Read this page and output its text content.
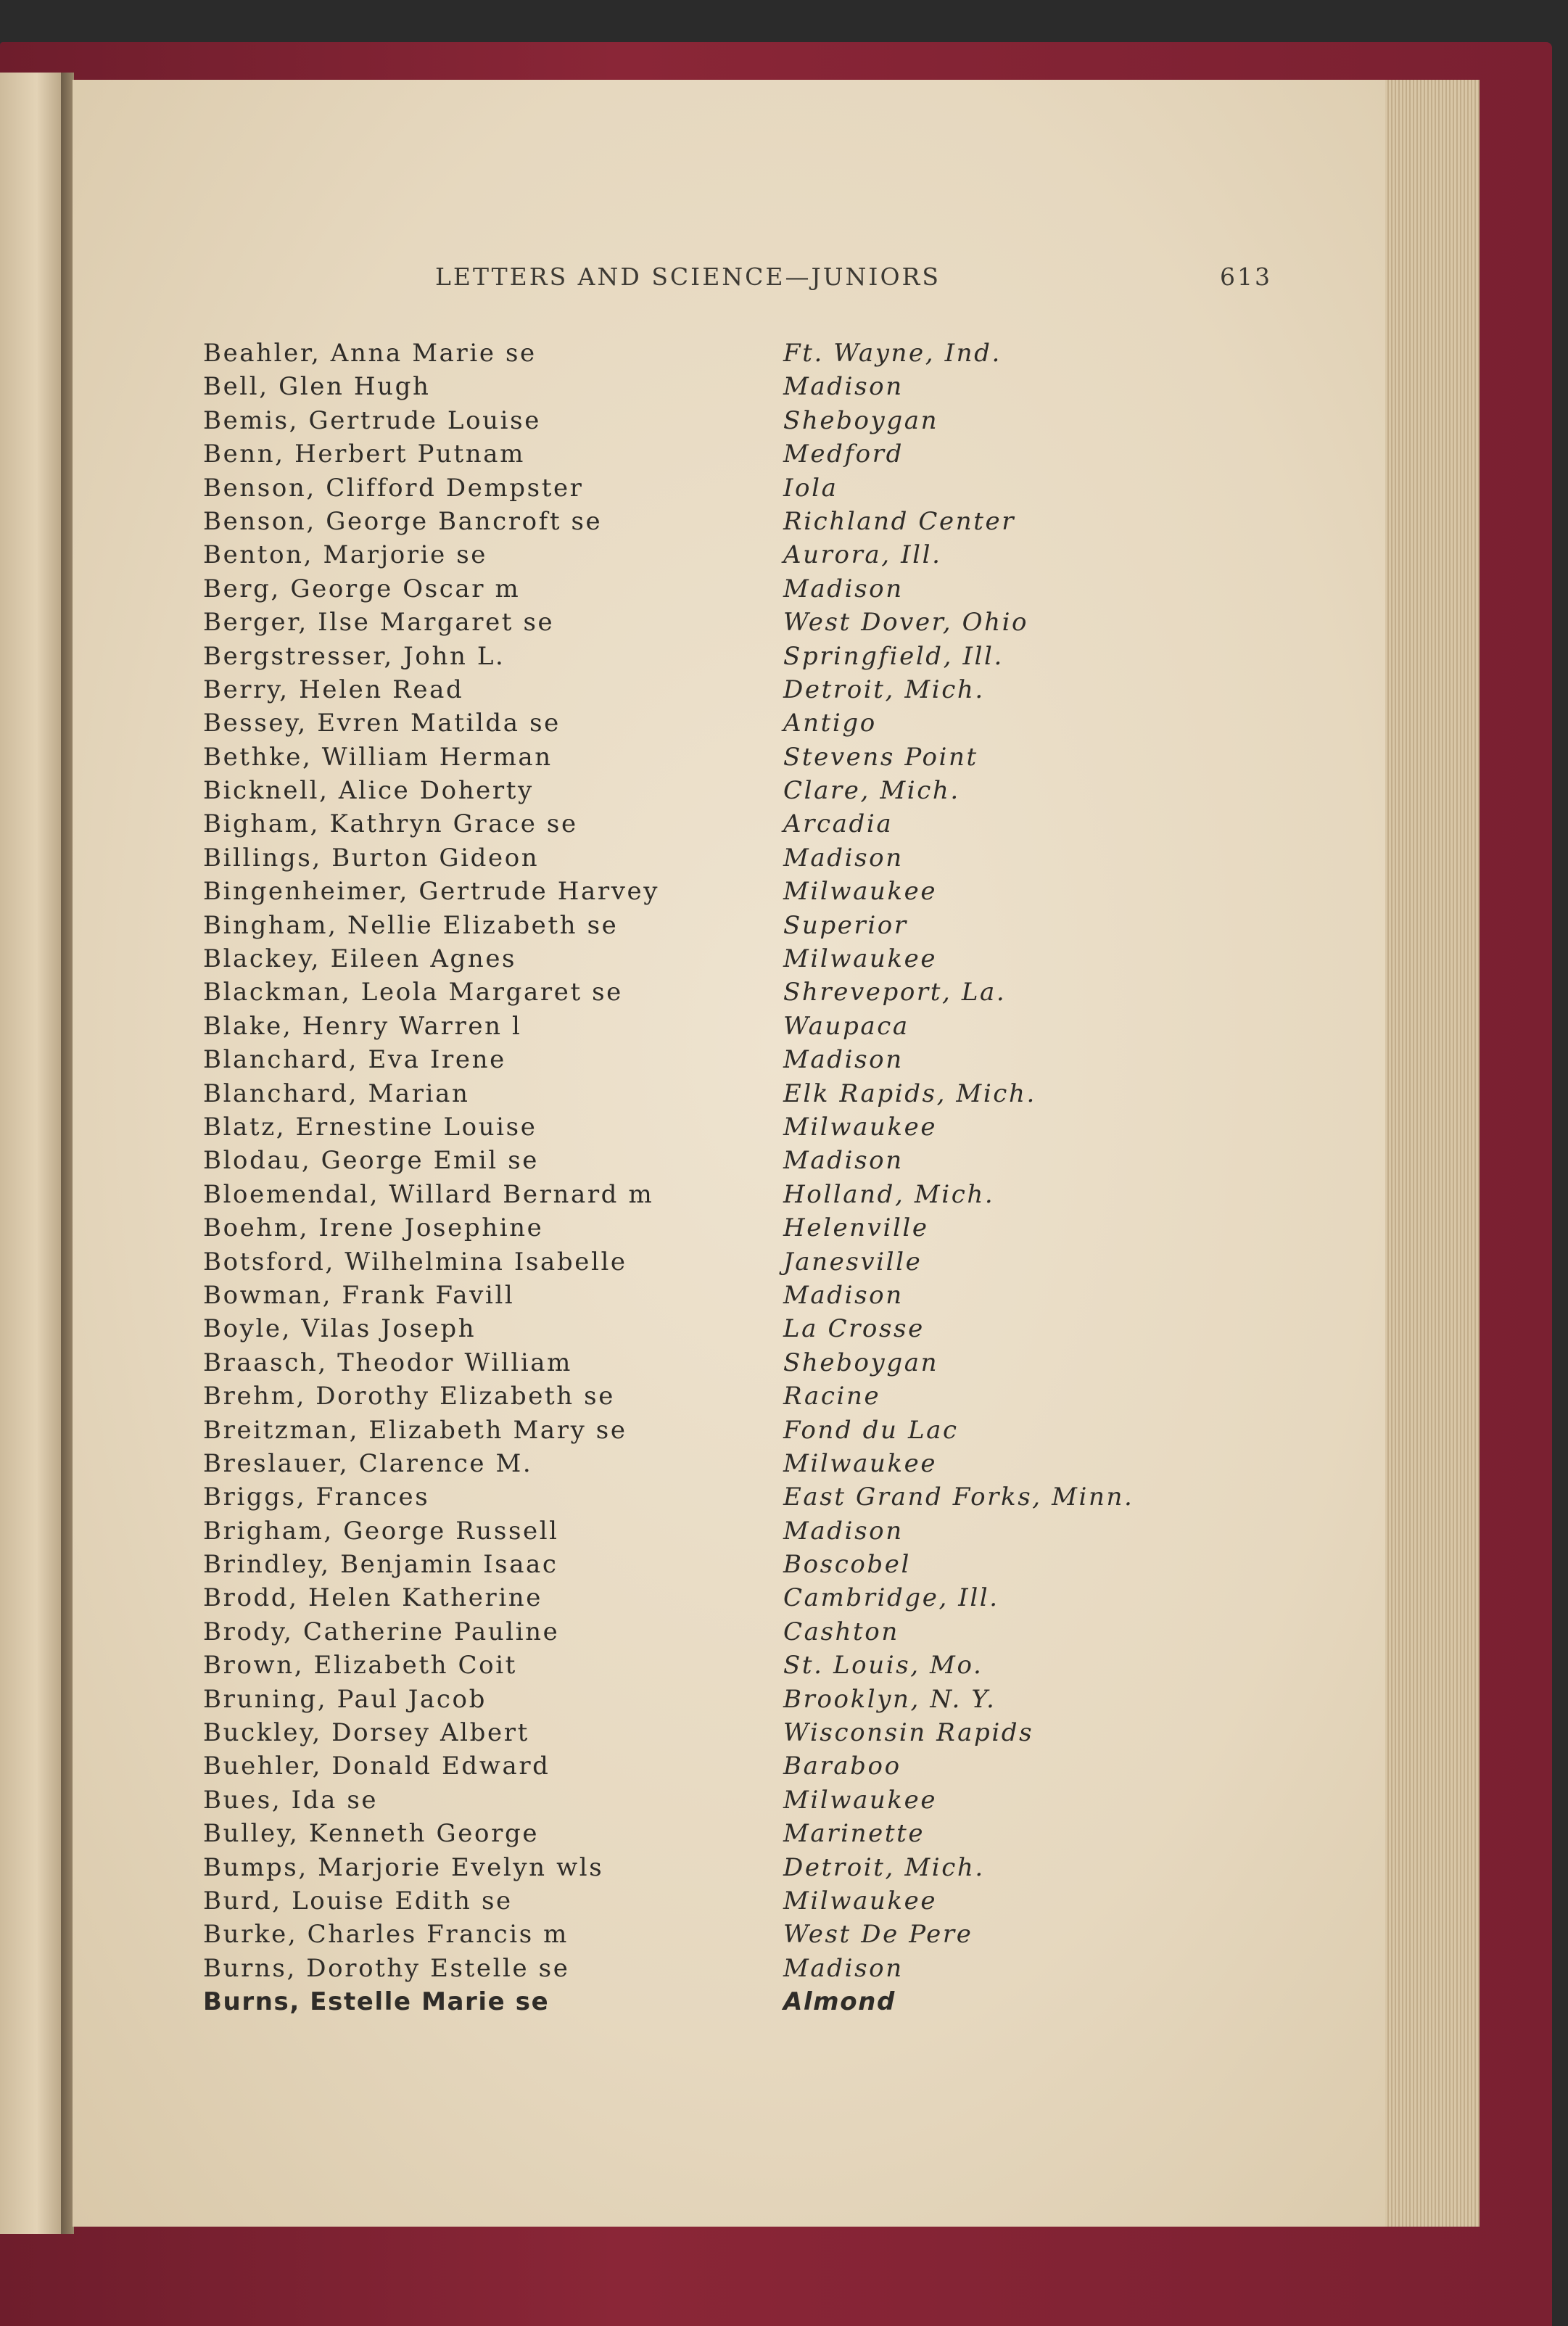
LETTERS AND SCIENCE—JUNIORS	613
Beahler, Anna Marie se	Ft. Wayne, Ind.
Bell, Glen Hugh	Madison
Bemis, Gertrude Louise	Sheboygan
Benn, Herbert Putnam	Medford
Benson, Clifford Dempster	Iola
Benson, George Bancroft se	Richland Center
Benton, Marjorie se	Aurora, Ill.
Berg, George Oscar m	Madison
Berger, Ilse Margaret se	West Dover, Ohio
Bergstresser, John L.	Springfield, Ill.
Berry, Helen Read	Detroit, Mich.
Bessey, Evren Matilda se	Antigo
Bethke, William Herman	Stevens Point
Bicknell, Alice Doherty	Clare, Mich.
Bigham, Kathryn Grace se	Arcadia
Billings, Burton Gideon	Madison
Bingenheimer, Gertrude Harvey	Milwaukee
Bingham, Nellie Elizabeth se	Superior
Blackey, Eileen Agnes	Milwaukee
Blackman, Leola Margaret se	Shreveport, La.
Blake, Henry Warren l	Waupaca
Blanchard, Eva Irene	Madison
Blanchard, Marian	Elk Rapids, Mich.
Blatz, Ernestine Louise	Milwaukee
Blodau, George Emil se	Madison
Bloemendal, Willard Bernard m	Holland, Mich.
Boehm, Irene Josephine	Helenville
Botsford, Wilhelmina Isabelle	Janesville
Bowman, Frank Favill	Madison
Boyle, Vilas Joseph	La Crosse
Braasch, Theodor William	Sheboygan
Brehm, Dorothy Elizabeth se	Racine
Breitzman, Elizabeth Mary se	Fond du Lac
Breslauer, Clarence M.	Milwaukee
Briggs, Frances	East Grand Forks, Minn.
Brigham, George Russell	Madison
Brindley, Benjamin Isaac	Boscobel
Brodd, Helen Katherine	Cambridge, Ill.
Brody, Catherine Pauline	Cashton
Brown, Elizabeth Coit	St. Louis, Mo.
Bruning, Paul Jacob	Brooklyn, N. Y.
Buckley, Dorsey Albert	Wisconsin Rapids
Buehler, Donald Edward	Baraboo
Bues, Ida se	Milwaukee
Bulley, Kenneth George	Marinette
Bumps, Marjorie Evelyn wls	Detroit, Mich.
Burd, Louise Edith se	Milwaukee
Burke, Charles Francis m	West De Pere
Burns, Dorothy Estelle se	Madison
Burns, Estelle Marie se	Almond
